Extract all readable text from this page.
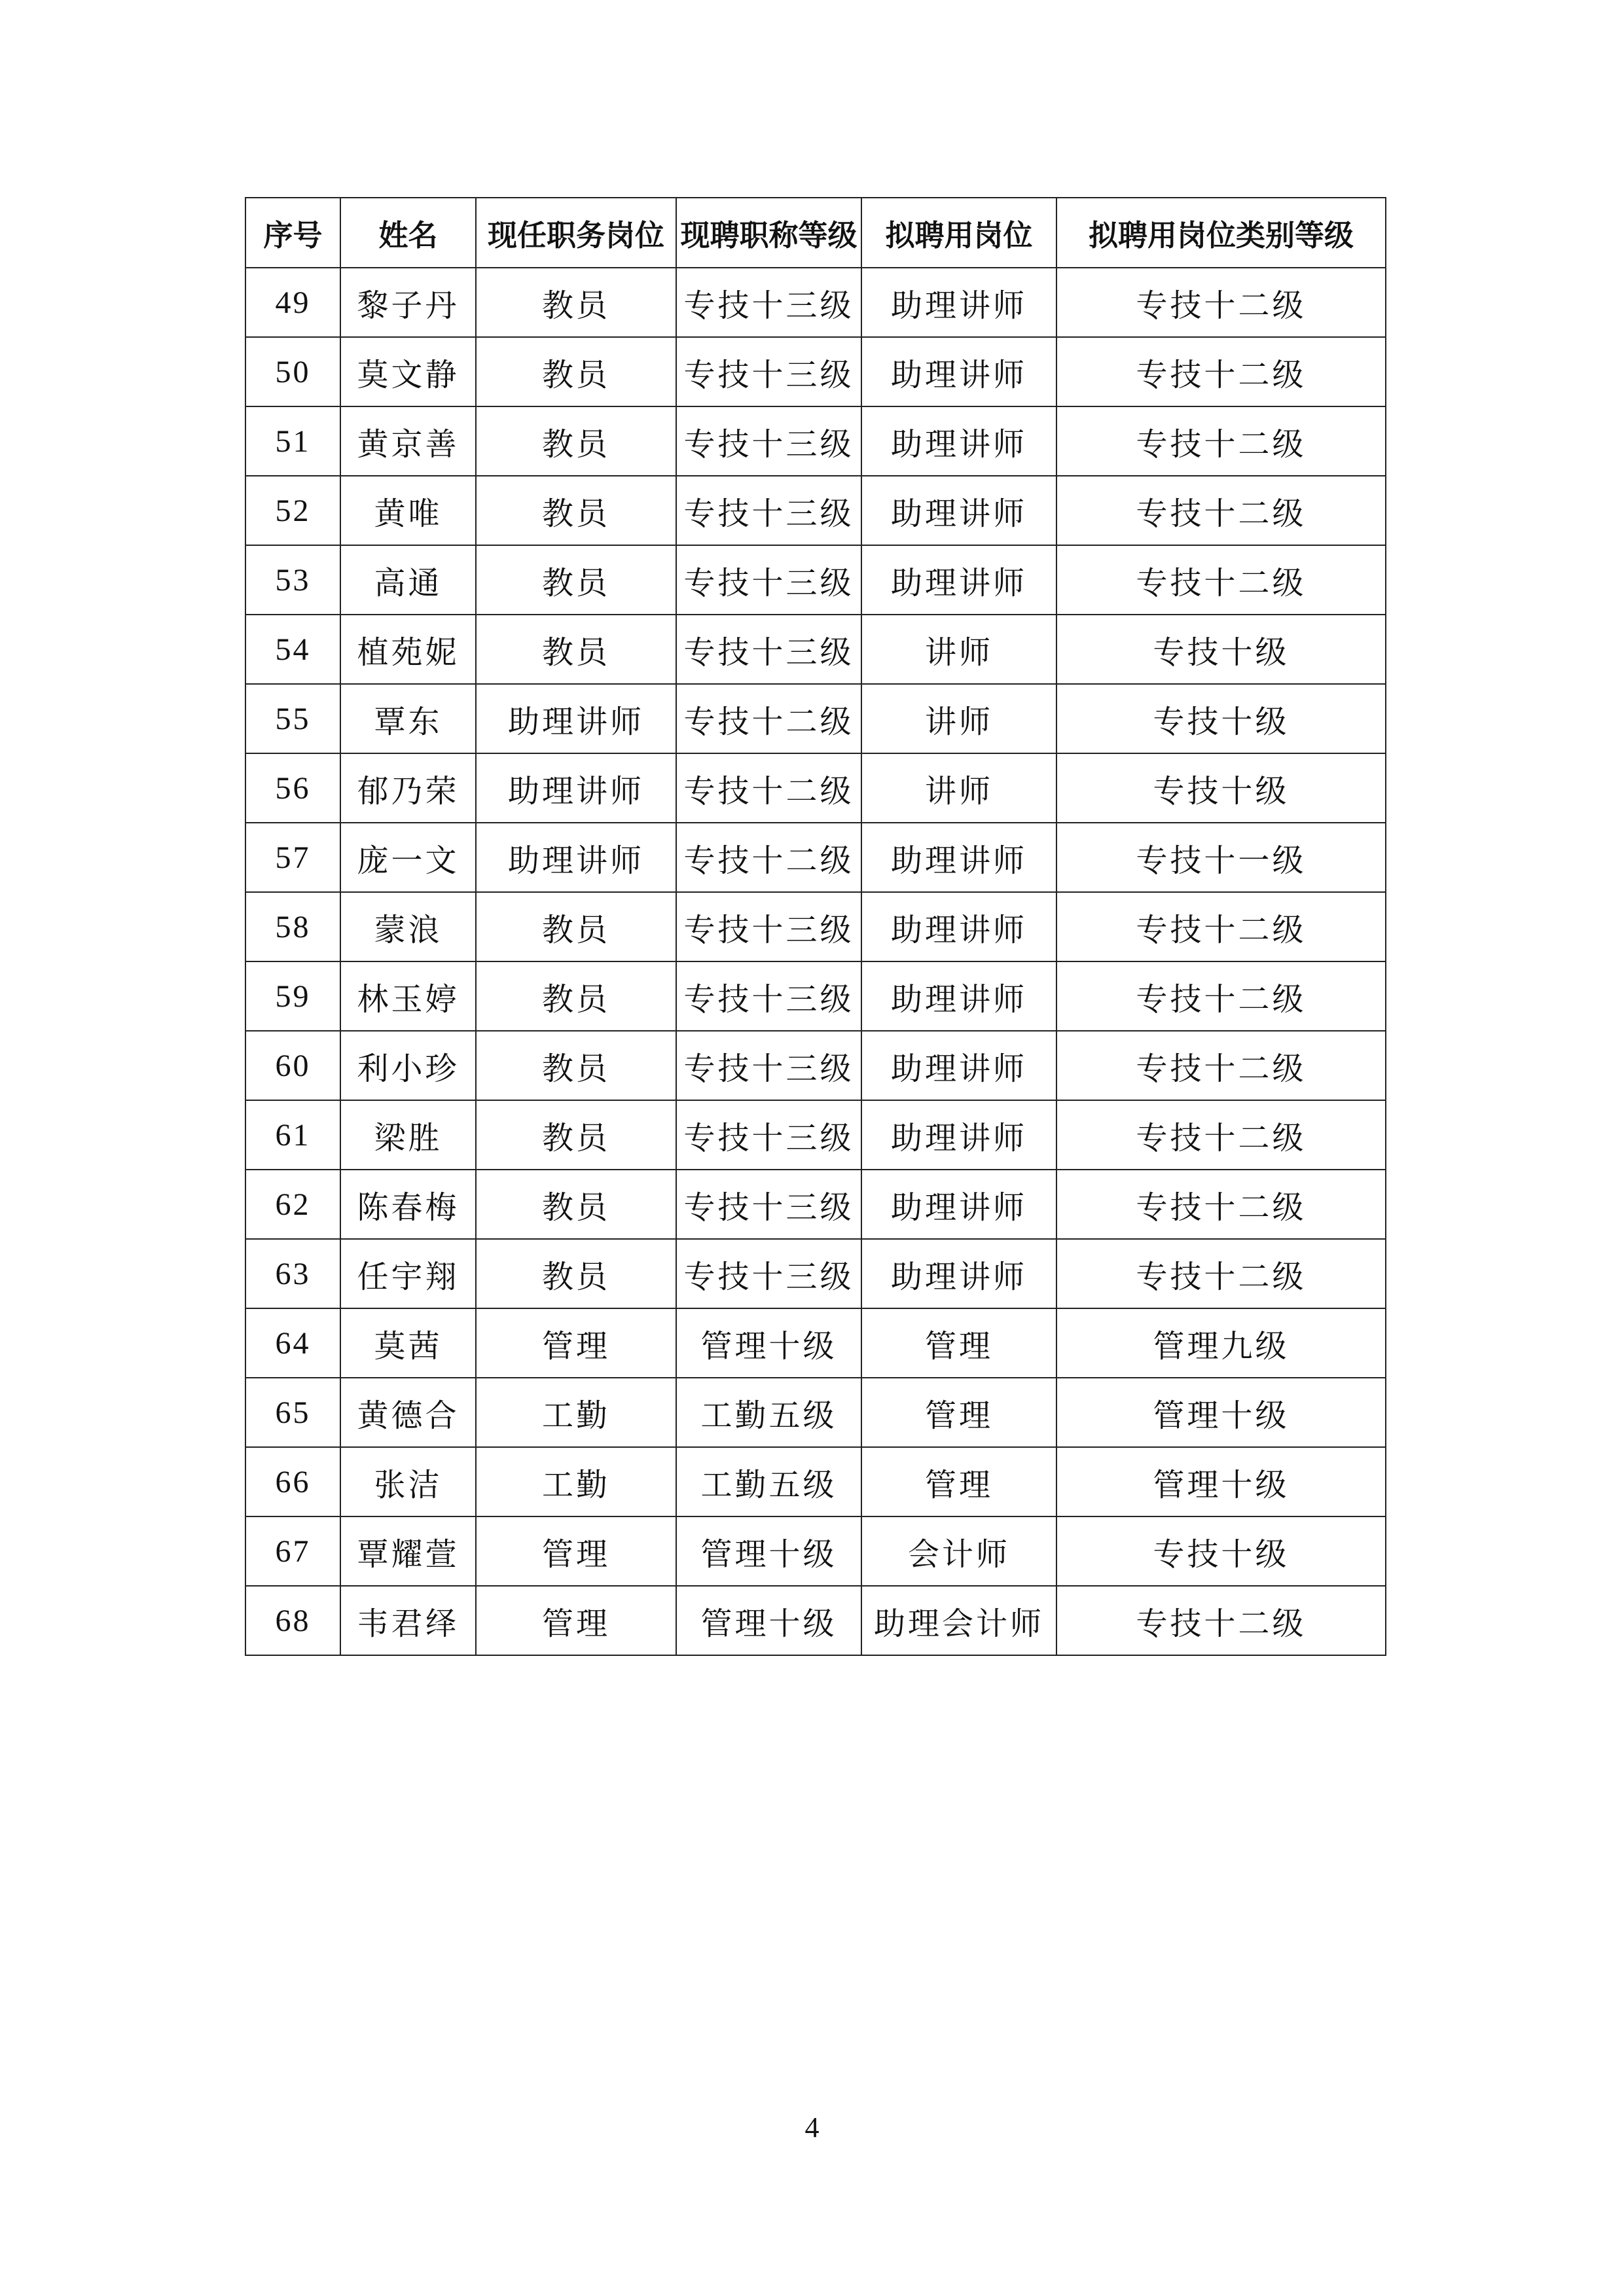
序号	姓名	现任职务岗位	现聘职称等级	拟聘用岗位	拟聘用岗位类别等级
49	黎子丹	教员	专技十三级	助理讲师	专技十二级
50	莫文静	教员	专技十三级	助理讲师	专技十二级
51	黄京善	教员	专技十三级	助理讲师	专技十二级
52	黄唯	教员	专技十三级	助理讲师	专技十二级
53	高通	教员	专技十三级	助理讲师	专技十二级
54	植苑妮	教员	专技十三级	讲师	专技十级
55	覃东	助理讲师	专技十二级	讲师	专技十级
56	郁乃荣	助理讲师	专技十二级	讲师	专技十级
57	庞一文	助理讲师	专技十二级	助理讲师	专技十一级
58	蒙浪	教员	专技十三级	助理讲师	专技十二级
59	林玉婷	教员	专技十三级	助理讲师	专技十二级
60	利小珍	教员	专技十三级	助理讲师	专技十二级
61	梁胜	教员	专技十三级	助理讲师	专技十二级
62	陈春梅	教员	专技十三级	助理讲师	专技十二级
63	任宇翔	教员	专技十三级	助理讲师	专技十二级
64	莫茜	管理	管理十级	管理	管理九级
65	黄德合	工勤	工勤五级	管理	管理十级
66	张洁	工勤	工勤五级	管理	管理十级
67	覃耀萱	管理	管理十级	会计师	专技十级
68	韦君绎	管理	管理十级	助理会计师	专技十二级
4
